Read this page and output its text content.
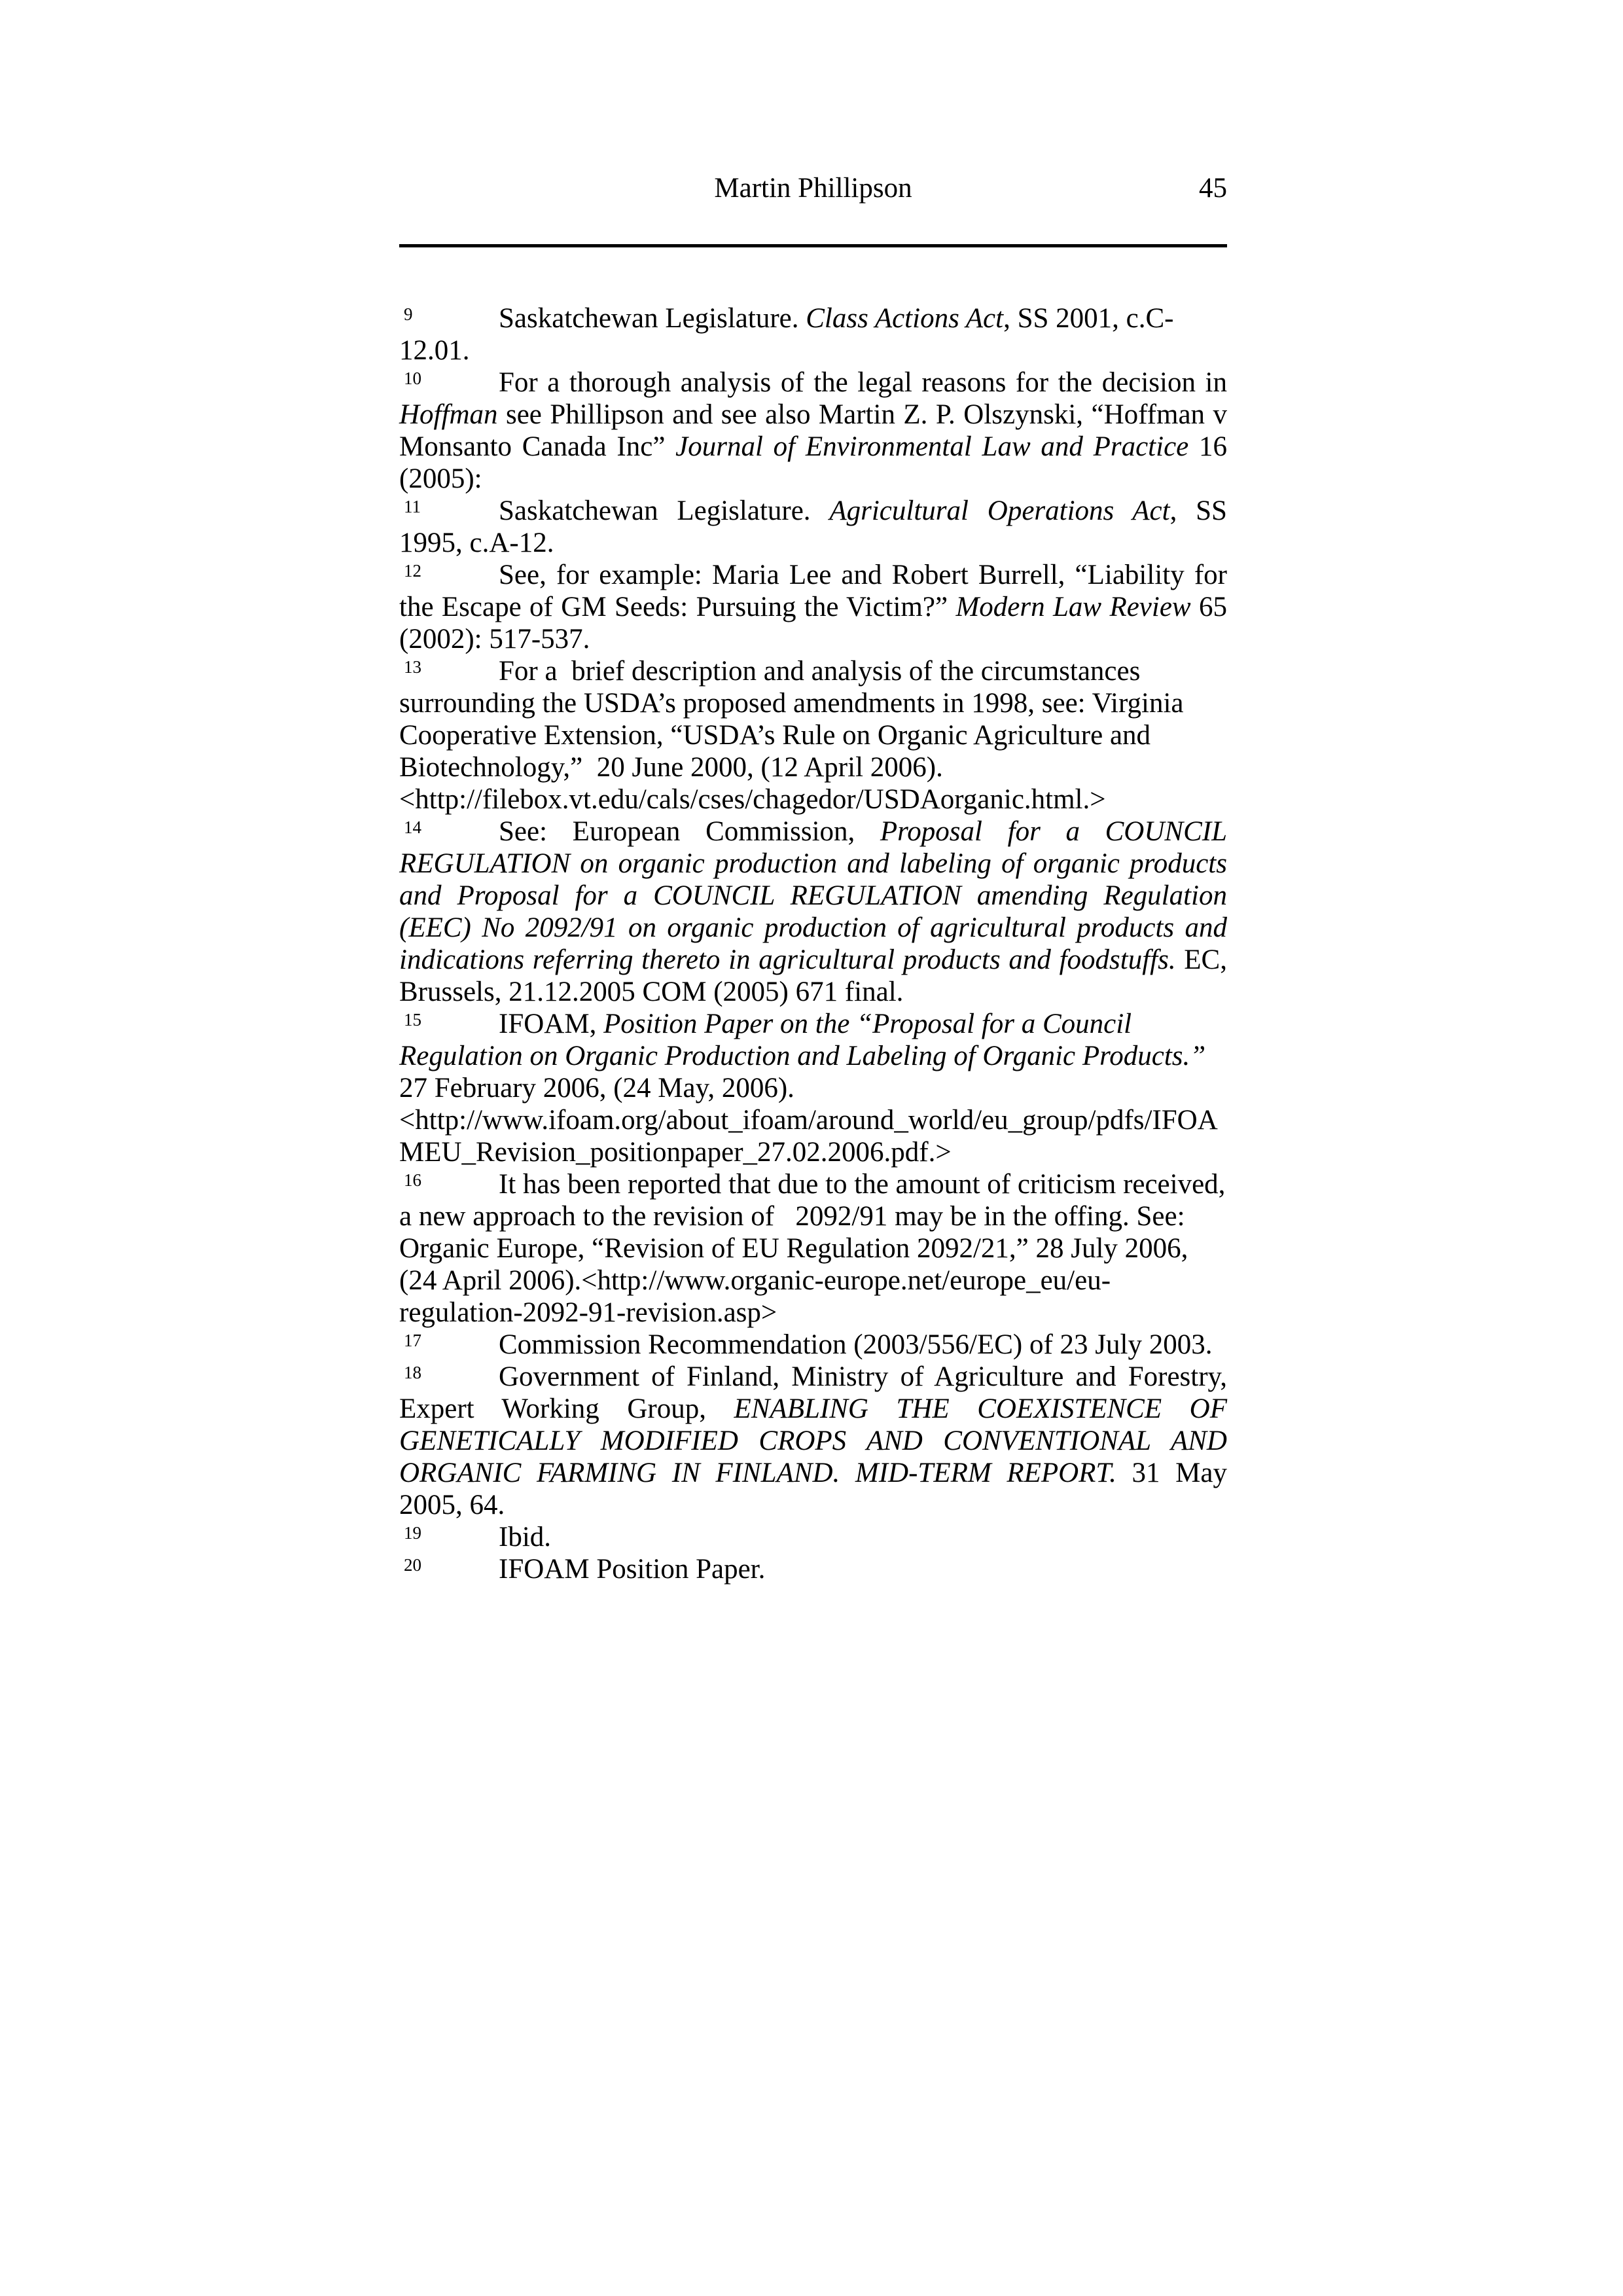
Martin Phillipson	45

9	Saskatchewan Legislature. Class Actions Act, SS 2001, c.C-12.01.

10	For a thorough analysis of the legal reasons for the decision in Hoffman see Phillipson and see also Martin Z. P. Olszynski, “Hoffman v Monsanto Canada Inc” Journal of Environmental Law and Practice 16 (2005):

11	Saskatchewan Legislature. Agricultural Operations Act, SS 1995, c.A-12.

12	See, for example: Maria Lee and Robert Burrell, “Liability for the Escape of GM Seeds: Pursuing the Victim?” Modern Law Review 65 (2002): 517-537.

13	For a  brief description and analysis of the circumstances surrounding the USDA’s proposed amendments in 1998, see: Virginia Cooperative Extension, “USDA’s Rule on Organic Agriculture and Biotechnology,”  20 June 2000, (12 April 2006). <http://filebox.vt.edu/cals/cses/chagedor/USDAorganic.html.>

14	See: European Commission, Proposal for a COUNCIL REGULATION on organic production and labeling of organic products and Proposal for a COUNCIL REGULATION amending Regulation (EEC) No 2092/91 on organic production of agricultural products and indications referring thereto in agricultural products and foodstuffs. EC, Brussels, 21.12.2005 COM (2005) 671 final.

15	IFOAM, Position Paper on the “Proposal for a Council Regulation on Organic Production and Labeling of Organic Products.” 27 February 2006, (24 May, 2006). <http://www.ifoam.org/about_ifoam/around_world/eu_group/pdfs/IFOAMEU_Revision_positionpaper_27.02.2006.pdf.>

16	It has been reported that due to the amount of criticism received, a new approach to the revision of   2092/91 may be in the offing. See: Organic Europe, “Revision of EU Regulation 2092/21,” 28 July 2006, (24 April 2006).<http://www.organic-europe.net/europe_eu/eu-regulation-2092-91-revision.asp>

17	Commission Recommendation (2003/556/EC) of 23 July 2003.

18	Government of Finland, Ministry of Agriculture and Forestry, Expert Working Group, ENABLING THE COEXISTENCE OF GENETICALLY MODIFIED CROPS AND CONVENTIONAL AND ORGANIC FARMING IN FINLAND. MID-TERM REPORT. 31 May 2005, 64.

19	Ibid.

20	IFOAM Position Paper.
